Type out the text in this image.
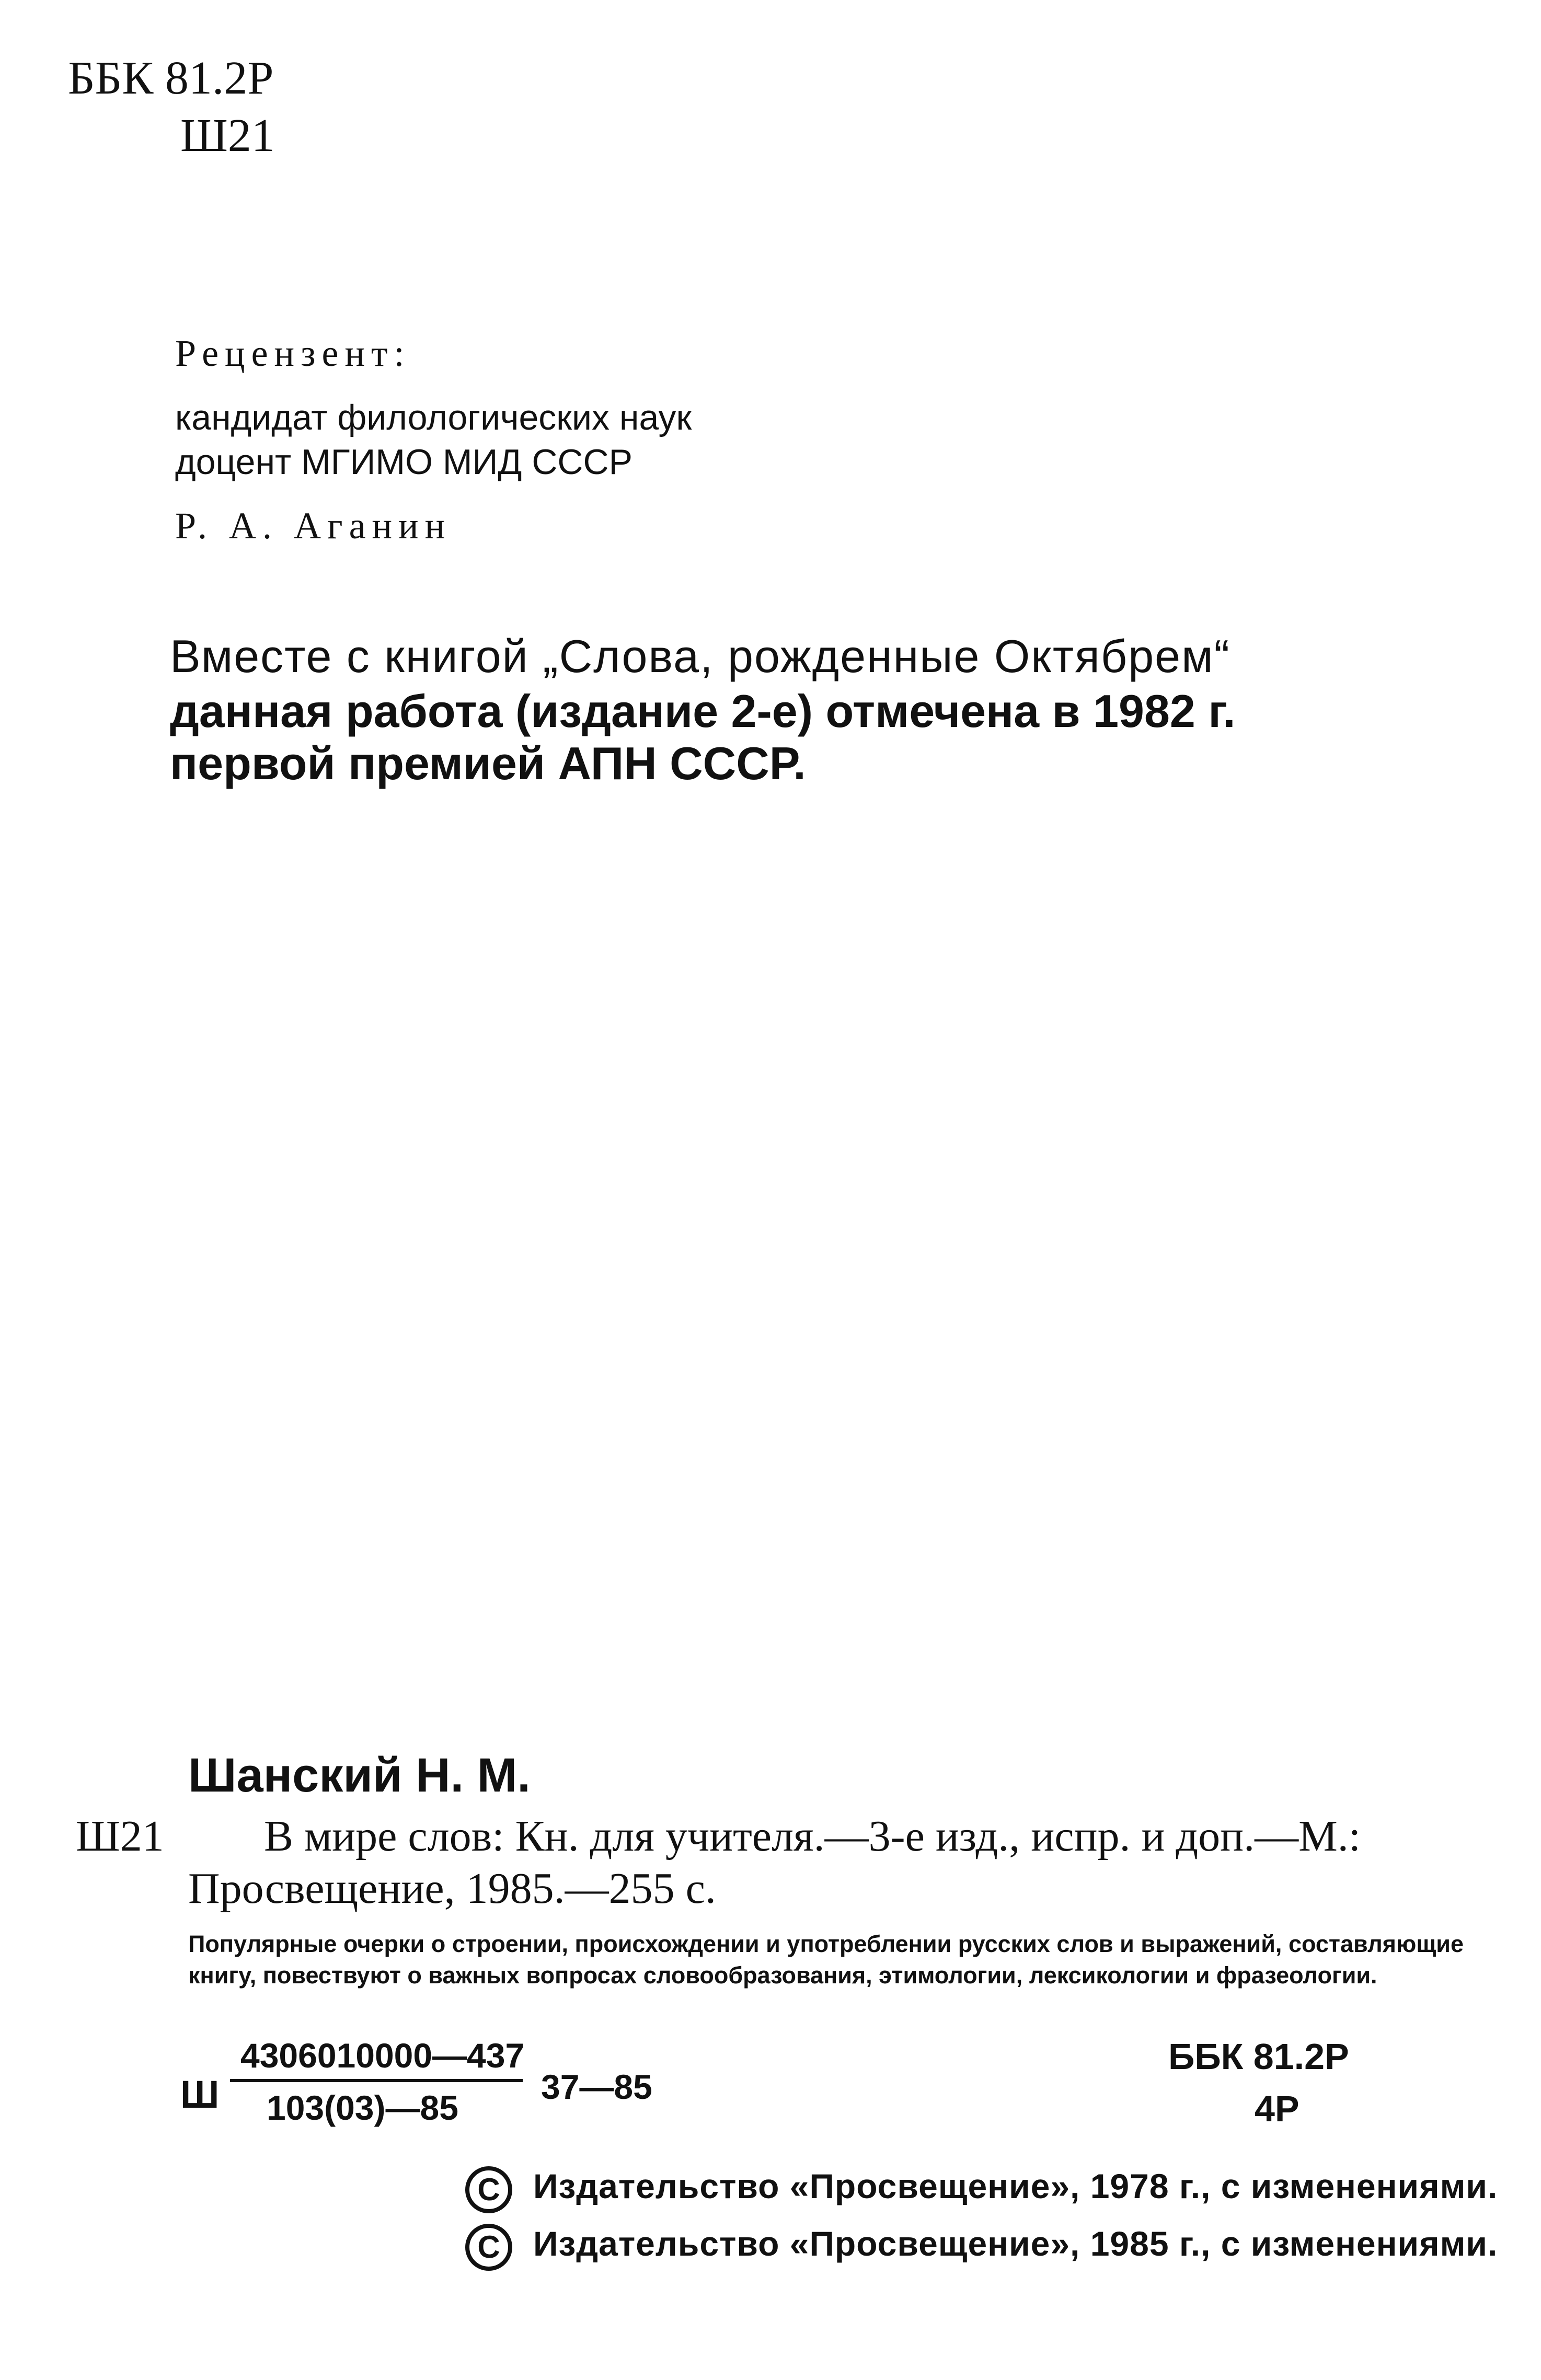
ББК 81.2Р
Ш21
Рецензент:
кандидат филологических наук
доцент МГИМО МИД СССР
Р. А. Аганин
Вместе с книгой „Слова, рожденные Октябрем“
данная работа (издание 2-е) отмечена в 1982 г.
первой премией АПН СССР.
Шанский Н. М.
Ш21 В мире слов: Кн. для учителя.—3-е изд., испр. и доп.—М.:
Просвещение, 1985.—255 с.
Популярные очерки о строении, происхождении и употреблении русских слов и выражений, составляющие книгу, повествуют о важных вопросах словообразования, этимологии, лексикологии и фразеологии.
Ш
4306010000—437
103(03)—85
37—85
ББК 81.2Р
4Р
C Издательство «Просвещение», 1978 г., с изменениями.
C Издательство «Просвещение», 1985 г., с изменениями.
